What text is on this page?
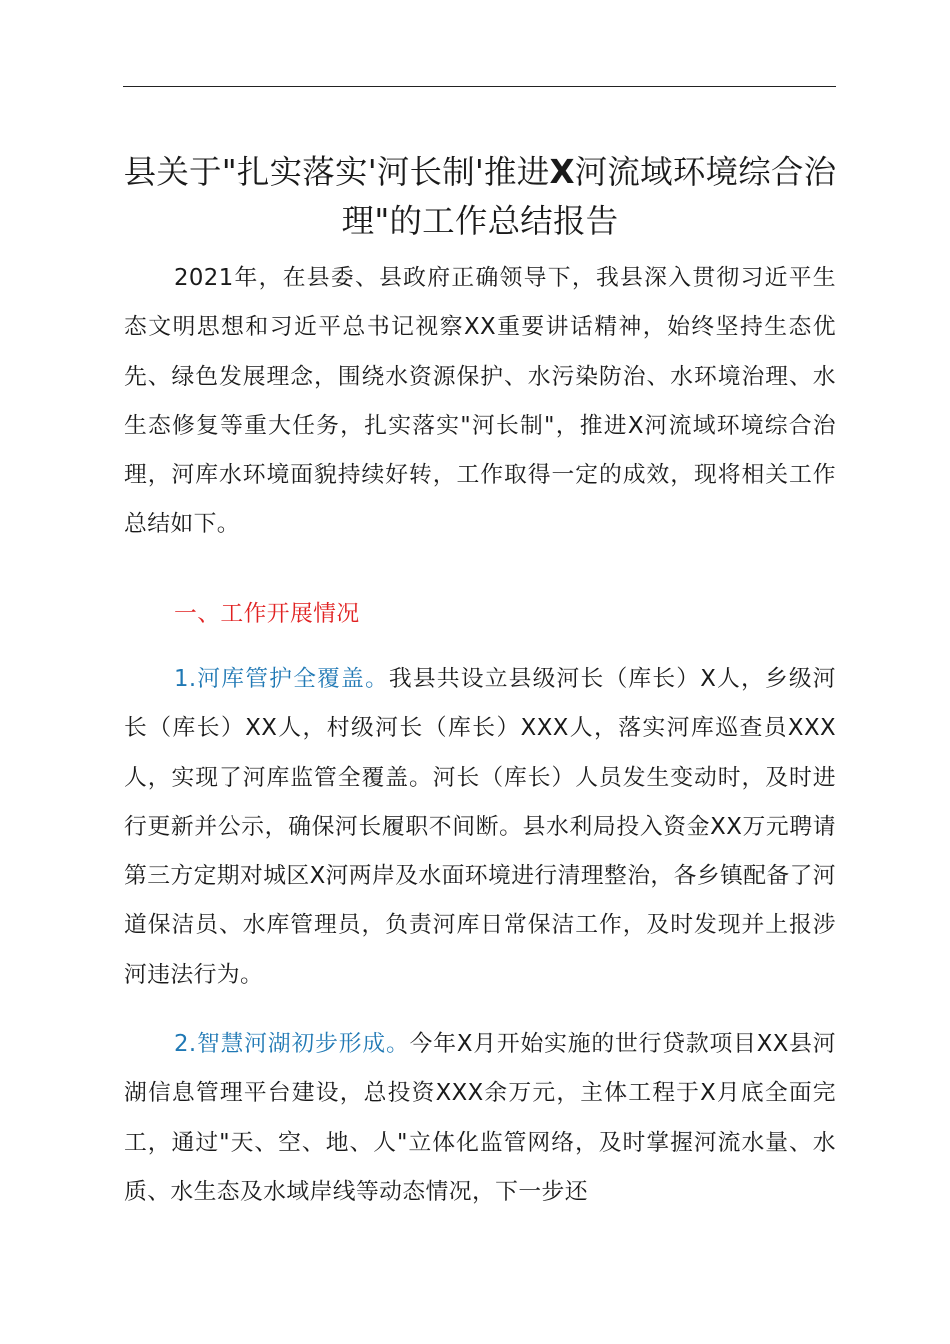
县关于"扎实落实'河长制'推进X河流域环境综合治理"的工作总结报告

2021年，在县委、县政府正确领导下，我县深入贯彻习近平生态文明思想和习近平总书记视察XX重要讲话精神，始终坚持生态优先、绿色发展理念，围绕水资源保护、水污染防治、水环境治理、水生态修复等重大任务，扎实落实"河长制"，推进X河流域环境综合治理，河库水环境面貌持续好转，工作取得一定的成效，现将相关工作总结如下。

一、工作开展情况

1.河库管护全覆盖。我县共设立县级河长（库长）X人，乡级河长（库长）XX人，村级河长（库长）XXX人，落实河库巡查员XXX人，实现了河库监管全覆盖。河长（库长）人员发生变动时，及时进行更新并公示，确保河长履职不间断。县水利局投入资金XX万元聘请第三方定期对城区X河两岸及水面环境进行清理整治，各乡镇配备了河道保洁员、水库管理员，负责河库日常保洁工作，及时发现并上报涉河违法行为。

2.智慧河湖初步形成。今年X月开始实施的世行贷款项目XX县河湖信息管理平台建设，总投资XXX余万元，主体工程于X月底全面完工，通过"天、空、地、人"立体化监管网络，及时掌握河流水量、水质、水生态及水域岸线等动态情况，下一步还
